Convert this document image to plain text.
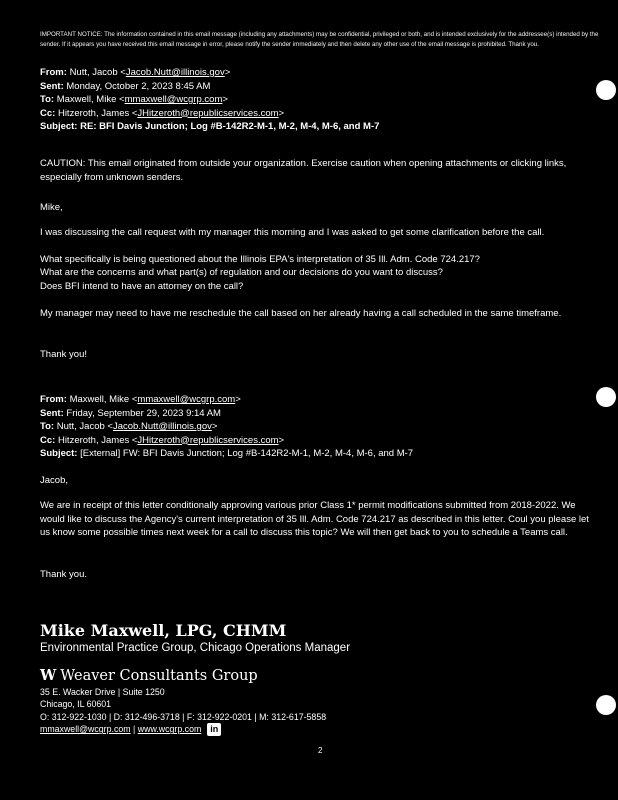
IMPORTANT NOTICE: The information contained in this email message (including any attachments) may be confidential, privileged or both, and is intended exclusively for the addressee(s) intended by the sender. If it appears you have received this email message in error, please notify the sender immediately and then delete any other use of the email message is prohibited. Thank you.
From: Nutt, Jacob <Jacob.Nutt@illinois.gov>
Sent: Monday, October 2, 2023 8:45 AM
To: Maxwell, Mike <mmaxwell@wcgrp.com>
Cc: Hitzeroth, James <JHitzeroth@republicservices.com>
Subject: RE: BFI Davis Junction; Log #B-142R2-M-1, M-2, M-4, M-6, and M-7

CAUTION: This email originated from outside your organization. Exercise caution when opening attachments or clicking links, especially from unknown senders.

Mike,

I was discussing the call request with my manager this morning and I was asked to get some clarification before the call.

What specifically is being questioned about the Illinois EPA's interpretation of 35 Ill. Adm. Code 724.217?

What are the concerns and what part(s) of regulation and our decisions do you want to discuss?

Does BFI intend to have an attorney on the call?

My manager may need to have me reschedule the call based on her already having a call scheduled in the same timeframe.

Thank you!

From: Maxwell, Mike <mmaxwell@wcgrp.com>
Sent: Friday, September 29, 2023 9:14 AM
To: Nutt, Jacob <Jacob.Nutt@illinois.gov>
Cc: Hitzeroth, James <JHitzeroth@republicservices.com>
Subject: [External] FW: BFI Davis Junction; Log #B-142R2-M-1, M-2, M-4, M-6, and M-7

Jacob,

We are in receipt of this letter conditionally approving various prior Class 1* permit modifications submitted from 2018-2022. We would like to discuss the Agency's current interpretation of 35 Ill. Adm. Code 724.217 as described in this letter. Coul you please let us know some possible times next week for a call to discuss this topic? We will then get back to you to schedule a Teams call.

Thank you.

Mike Maxwell, LPG, CHMM
Environmental Practice Group, Chicago Operations Manager
W Weaver Consultants Group
35 E. Wacker Drive | Suite 1250
Chicago, IL 60601
O: 312-922-1030 | D: 312-496-3718 | F: 312-922-0201 | M: 312-617-5858
mmaxwell@wcgrp.com | www.wcgrp.com in
2
